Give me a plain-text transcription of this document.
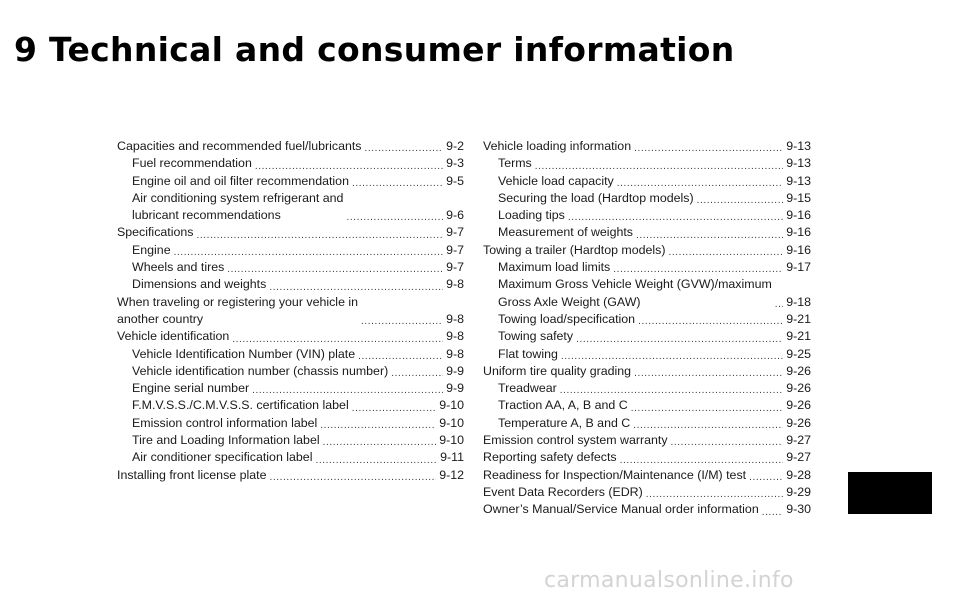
9 Technical and consumer information
Capacities and recommended fuel/lubricants .....	9-2
Fuel recommendation .....	9-3
Engine oil and oil filter recommendation .....	9-5
Air conditioning system refrigerant and
lubricant recommendations .....	9-6
Specifications .....	9-7
Engine .....	9-7
Wheels and tires .....	9-7
Dimensions and weights .....	9-8
When traveling or registering your vehicle in
another country .....	9-8
Vehicle identification .....	9-8
Vehicle Identification Number (VIN) plate .....	9-8
Vehicle identification number (chassis number) .....	9-9
Engine serial number .....	9-9
F.M.V.S.S./C.M.V.S.S. certification label .....	9-10
Emission control information label .....	9-10
Tire and Loading Information label .....	9-10
Air conditioner specification label .....	9-11
Installing front license plate .....	9-12
Vehicle loading information .....	9-13
Terms .....	9-13
Vehicle load capacity .....	9-13
Securing the load (Hardtop models) .....	9-15
Loading tips .....	9-16
Measurement of weights .....	9-16
Towing a trailer (Hardtop models) .....	9-16
Maximum load limits .....	9-17
Maximum Gross Vehicle Weight (GVW)/maximum
Gross Axle Weight (GAW) .....	9-18
Towing load/specification .....	9-21
Towing safety .....	9-21
Flat towing .....	9-25
Uniform tire quality grading .....	9-26
Treadwear .....	9-26
Traction AA, A, B and C .....	9-26
Temperature A, B and C .....	9-26
Emission control system warranty .....	9-27
Reporting safety defects .....	9-27
Readiness for Inspection/Maintenance (I/M) test .....	9-28
Event Data Recorders (EDR) .....	9-29
Owner’s Manual/Service Manual order information ..... 9-30
carmanualsonline.info
